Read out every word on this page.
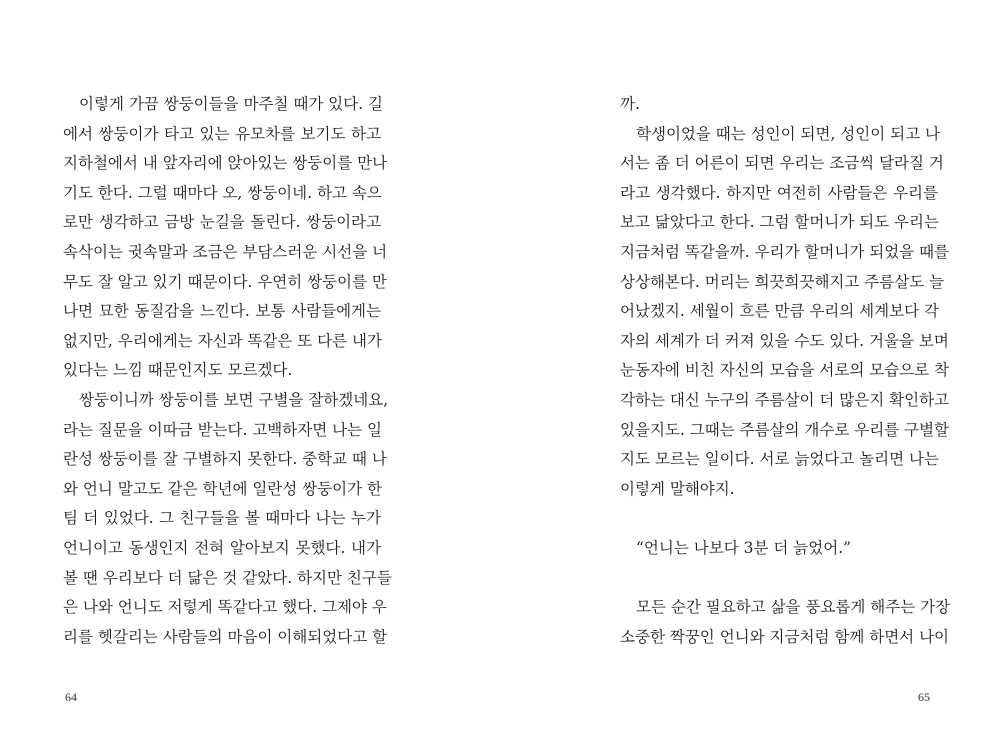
이렇게 가끔 쌍둥이들을 마주칠 때가 있다. 길
에서 쌍둥이가 타고 있는 유모차를 보기도 하고
지하철에서 내 앞자리에 앉아있는 쌍둥이를 만나
기도 한다. 그럴 때마다 오, 쌍둥이네. 하고 속으
로만 생각하고 금방 눈길을 돌린다. 쌍둥이라고
속삭이는 귓속말과 조금은 부담스러운 시선을 너
무도 잘 알고 있기 때문이다. 우연히 쌍둥이를 만
나면 묘한 동질감을 느낀다. 보통 사람들에게는
없지만, 우리에게는 자신과 똑같은 또 다른 내가
있다는 느낌 때문인지도 모르겠다.
쌍둥이니까 쌍둥이를 보면 구별을 잘하겠네요,
라는 질문을 이따금 받는다. 고백하자면 나는 일
란성 쌍둥이를 잘 구별하지 못한다. 중학교 때 나
와 언니 말고도 같은 학년에 일란성 쌍둥이가 한
팀 더 있었다. 그 친구들을 볼 때마다 나는 누가
언니이고 동생인지 전혀 알아보지 못했다. 내가
볼 땐 우리보다 더 닮은 것 같았다. 하지만 친구들
은 나와 언니도 저렇게 똑같다고 했다. 그제야 우
리를 헷갈리는 사람들의 마음이 이해되었다고 할
까.
학생이었을 때는 성인이 되면, 성인이 되고 나
서는 좀 더 어른이 되면 우리는 조금씩 달라질 거
라고 생각했다. 하지만 여전히 사람들은 우리를
보고 닮았다고 한다. 그럼 할머니가 되도 우리는
지금처럼 똑같을까. 우리가 할머니가 되었을 때를
상상해본다. 머리는 희끗희끗해지고 주름살도 늘
어났겠지. 세월이 흐른 만큼 우리의 세계보다 각
자의 세계가 더 커져 있을 수도 있다. 거울을 보며
눈동자에 비친 자신의 모습을 서로의 모습으로 착
각하는 대신 누구의 주름살이 더 많은지 확인하고
있을지도. 그때는 주름살의 개수로 우리를 구별할
지도 모르는 일이다. 서로 늙었다고 놀리면 나는
이렇게 말해야지.
“언니는 나보다 3분 더 늙었어.”
모든 순간 필요하고 삶을 풍요롭게 해주는 가장
소중한 짝꿍인 언니와 지금처럼 함께 하면서 나이
64	65
